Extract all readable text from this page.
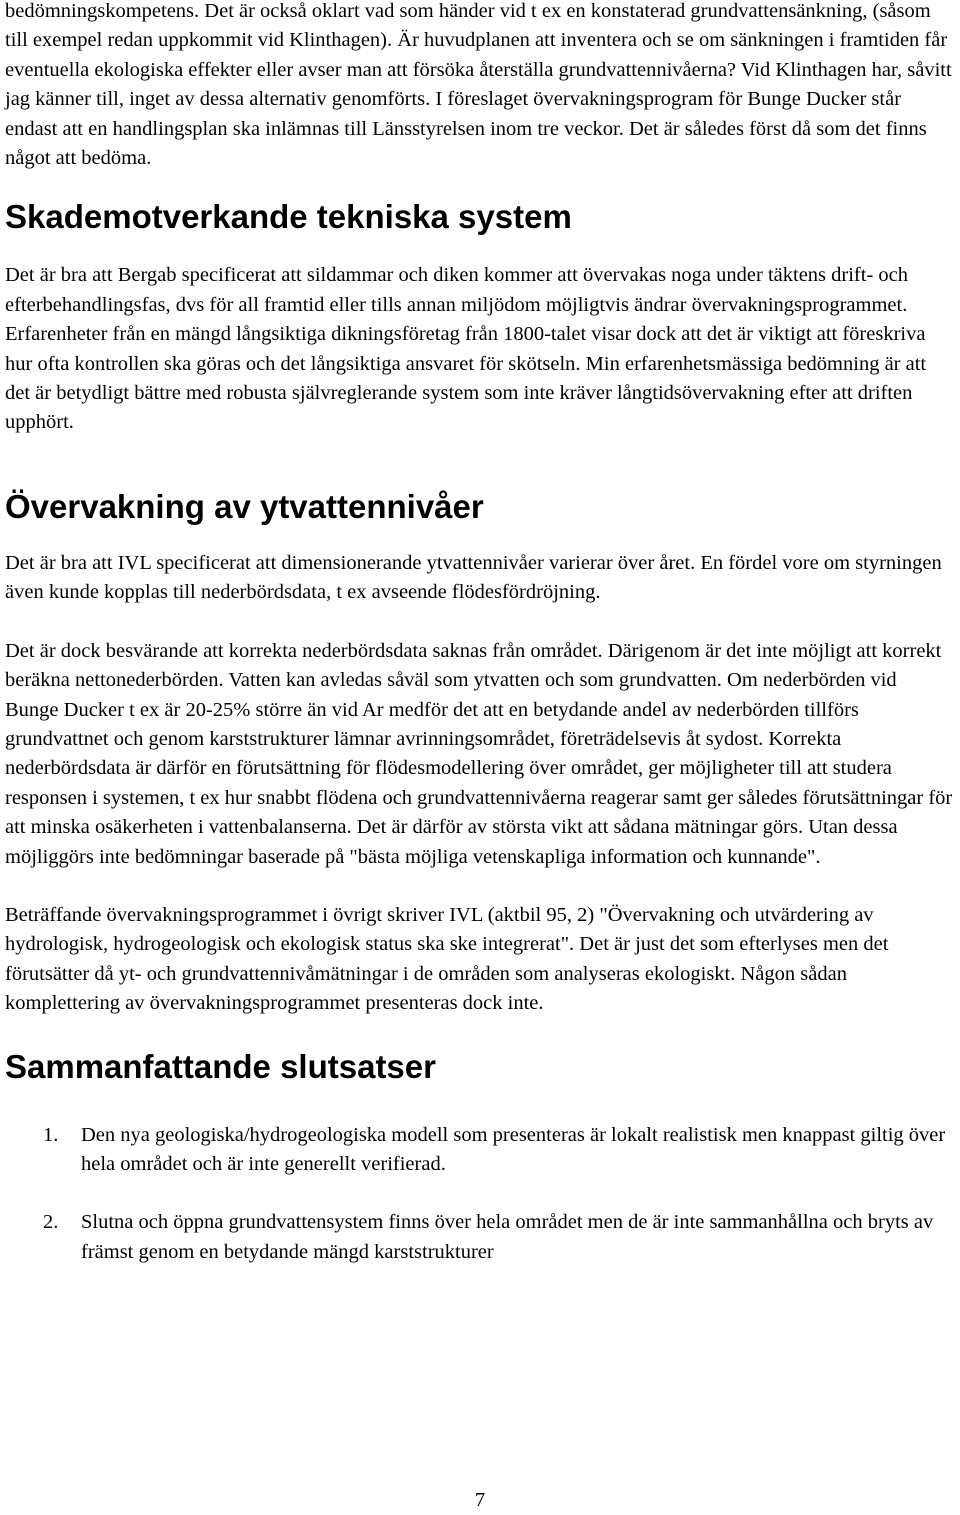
bedömningskompetens. Det är också oklart vad som händer vid t ex en konstaterad grundvattensänkning, (såsom till exempel redan uppkommit vid Klinthagen). Är huvudplanen att inventera och se om sänkningen i framtiden får eventuella ekologiska effekter eller avser man att försöka återställa grundvattennivåerna? Vid Klinthagen har, såvitt jag känner till, inget av dessa alternativ genomförts. I föreslaget övervakningsprogram för Bunge Ducker står endast att en handlingsplan ska inlämnas till Länsstyrelsen inom tre veckor. Det är således först då som det finns något att bedöma.

Skademotverkande tekniska system

Det är bra att Bergab specificerat att sildammar och diken kommer att övervakas noga under täktens drift- och efterbehandlingsfas, dvs för all framtid eller tills annan miljödom möjligtvis ändrar övervakningsprogrammet. Erfarenheter från en mängd långsiktiga dikningsföretag från 1800-talet visar dock att det är viktigt att föreskriva hur ofta kontrollen ska göras och det långsiktiga ansvaret för skötseln. Min erfarenhetsmässiga bedömning är att det är betydligt bättre med robusta självreglerande system som inte kräver långtidsövervakning efter att driften upphört.

Övervakning av ytvattennivåer

Det är bra att IVL specificerat att dimensionerande ytvattennivåer varierar över året. En fördel vore om styrningen även kunde kopplas till nederbördsdata, t ex avseende flödesfördröjning.

Det är dock besvärande att korrekta nederbördsdata saknas från området. Därigenom är det inte möjligt att korrekt beräkna nettonederbörden. Vatten kan avledas såväl som ytvatten och som grundvatten. Om nederbörden vid Bunge Ducker t ex är 20-25% större än vid Ar medför det att en betydande andel av nederbörden tillförs grundvattnet och genom karststrukturer lämnar avrinningsområdet, företrädelsevis åt sydost. Korrekta nederbördsdata är därför en förutsättning för flödesmodellering över området, ger möjligheter till att studera responsen i systemen, t ex hur snabbt flödena och grundvattennivåerna reagerar samt ger således förutsättningar för att minska osäkerheten i vattenbalanserna. Det är därför av största vikt att sådana mätningar görs. Utan dessa möjliggörs inte bedömningar baserade på "bästa möjliga vetenskapliga information och kunnande".

Beträffande övervakningsprogrammet i övrigt skriver IVL (aktbil 95, 2) "Övervakning och utvärdering av hydrologisk, hydrogeologisk och ekologisk status ska ske integrerat". Det är just det som efterlyses men det förutsätter då yt- och grundvattennivåmätningar i de områden som analyseras ekologiskt. Någon sådan komplettering av övervakningsprogrammet presenteras dock inte.

Sammanfattande slutsatser
1. Den nya geologiska/hydrogeologiska modell som presenteras är lokalt realistisk men knappast giltig över hela området och är inte generellt verifierad.

2. Slutna och öppna grundvattensystem finns över hela området men de är inte sammanhållna och bryts av främst genom en betydande mängd karststrukturer

7
